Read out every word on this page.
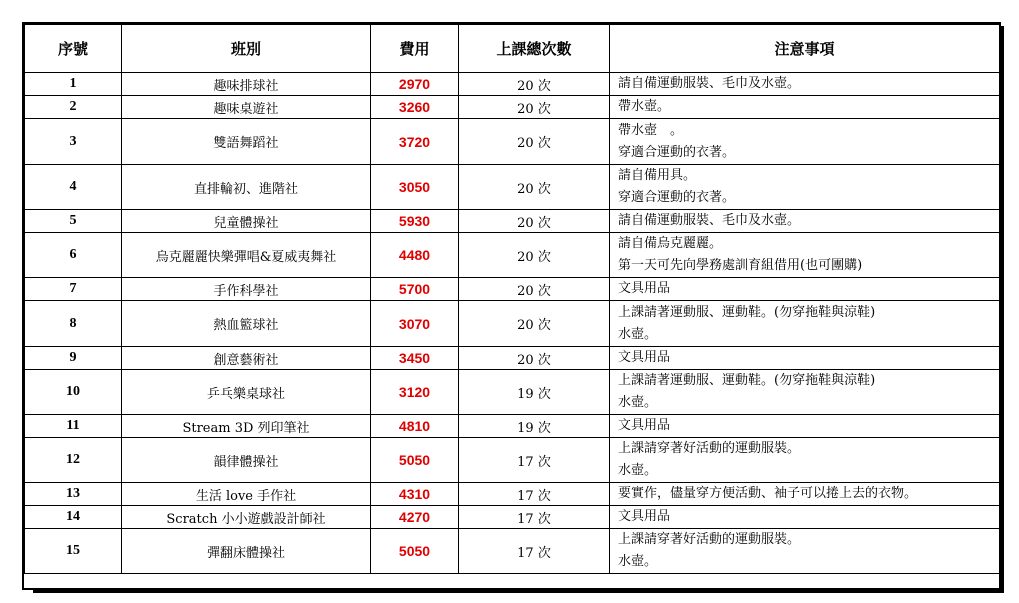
序號	班別	費用	上課總次數	注意事項
1	趣味排球社	2970	20 次	請自備運動服裝、毛巾及水壺。

2	趣味桌遊社	3260	20 次	帶水壺。

3	雙語舞蹈社	3720	20 次	帶水壺　。
穿適合運動的衣著。

4	直排輪初、進階社	3050	20 次	請自備用具。
穿適合運動的衣著。

5	兒童體操社	5930	20 次	請自備運動服裝、毛巾及水壺。

6	烏克麗麗快樂彈唱&夏威夷舞社	4480	20 次	請自備烏克麗麗。
第一天可先向學務處訓育組借用(也可團購)

7	手作科學社	5700	20 次	文具用品

8	熱血籃球社	3070	20 次	上課請著運動服、運動鞋。(勿穿拖鞋與涼鞋)
水壺。

9	創意藝術社	3450	20 次	文具用品

10	乒乓樂桌球社	3120	19 次	上課請著運動服、運動鞋。(勿穿拖鞋與涼鞋)
水壺。

11	Stream 3D 列印筆社	4810	19 次	文具用品

12	韻律體操社	5050	17 次	上課請穿著好活動的運動服裝。
水壺。

13	生活 love 手作社	4310	17 次	要實作，儘量穿方便活動、袖子可以捲上去的衣物。

14	Scratch 小小遊戲設計師社	4270	17 次	文具用品

15	彈翻床體操社	5050	17 次	上課請穿著好活動的運動服裝。
水壺。
